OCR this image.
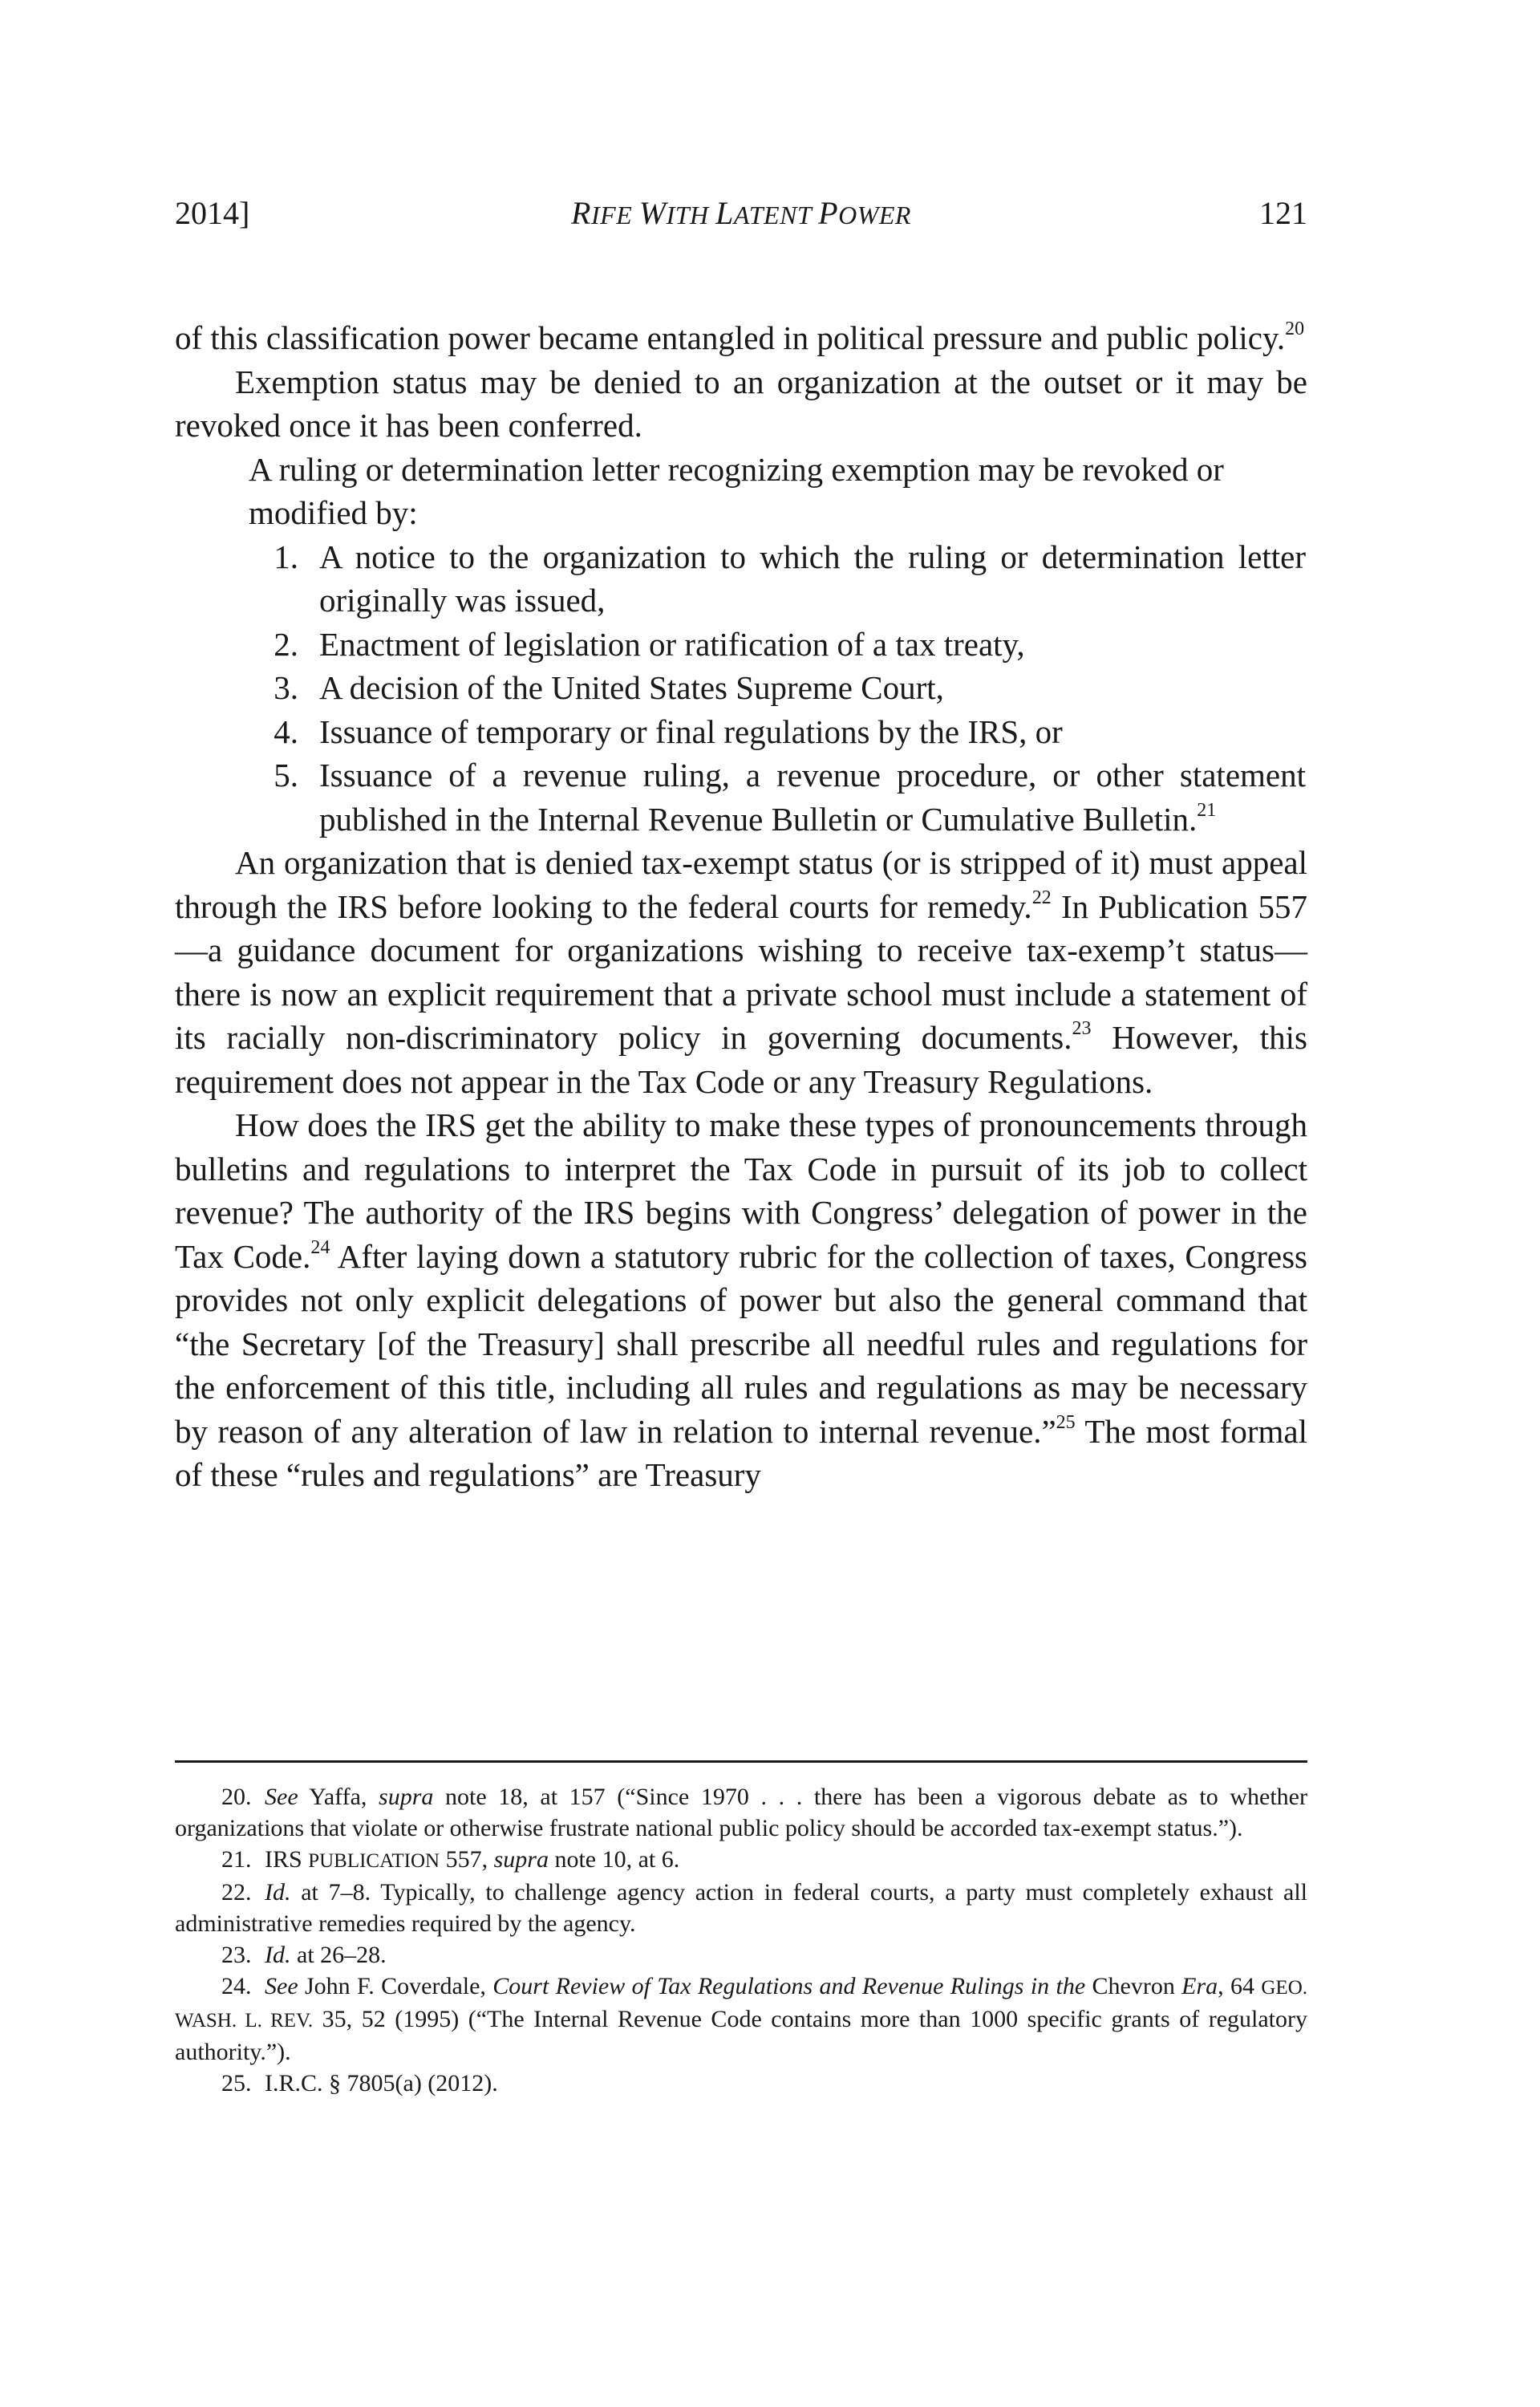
2014]	RIFE WITH LATENT POWER	121

of this classification power became entangled in political pressure and public policy.$^{20}$

Exemption status may be denied to an organization at the outset or it may be revoked once it has been conferred.

A ruling or determination letter recognizing exemption may be revoked or modified by:

1. A notice to the organization to which the ruling or determination letter originally was issued,
2. Enactment of legislation or ratification of a tax treaty,
3. A decision of the United States Supreme Court,
4. Issuance of temporary or final regulations by the IRS, or
5. Issuance of a revenue ruling, a revenue procedure, or other statement published in the Internal Revenue Bulletin or Cumulative Bulletin.$^{21}$

An organization that is denied tax-exempt status (or is stripped of it) must appeal through the IRS before looking to the federal courts for remedy.$^{22}$ In Publication 557—a guidance document for organizations wishing to receive tax-exemp’t status—there is now an explicit requirement that a private school must include a statement of its racially non-discriminatory policy in governing documents.$^{23}$ However, this requirement does not appear in the Tax Code or any Treasury Regulations.

How does the IRS get the ability to make these types of pronouncements through bulletins and regulations to interpret the Tax Code in pursuit of its job to collect revenue? The authority of the IRS begins with Congress’ delegation of power in the Tax Code.$^{24}$ After laying down a statutory rubric for the collection of taxes, Congress provides not only explicit delegations of power but also the general command that “the Secretary [of the Treasury] shall prescribe all needful rules and regulations for the enforcement of this title, including all rules and regulations as may be necessary by reason of any alteration of law in relation to internal revenue.”$^{25}$ The most formal of these “rules and regulations” are Treasury

20. See Yaffa, supra note 18, at 157 (“Since 1970 . . . there has been a vigorous debate as to whether organizations that violate or otherwise frustrate national public policy should be accorded tax-exempt status.”).

21. IRS PUBLICATION 557, supra note 10, at 6.

22. Id. at 7–8. Typically, to challenge agency action in federal courts, a party must completely exhaust all administrative remedies required by the agency.

23. Id. at 26–28.

24. See John F. Coverdale, Court Review of Tax Regulations and Revenue Rulings in the Chevron Era, 64 GEO. WASH. L. REV. 35, 52 (1995) (“The Internal Revenue Code contains more than 1000 specific grants of regulatory authority.”).

25. I.R.C. § 7805(a) (2012).
